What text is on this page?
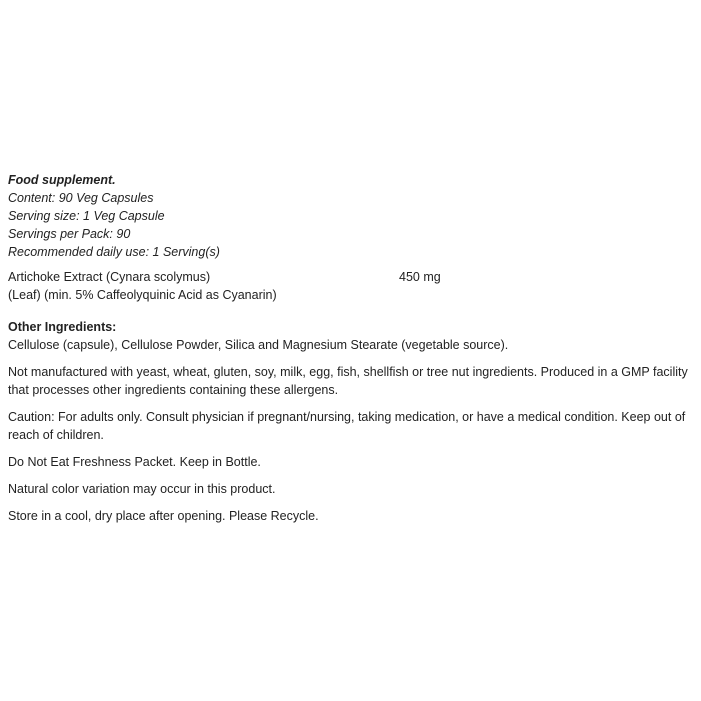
Food supplement.
Content: 90 Veg Capsules
Serving size: 1 Veg Capsule
Servings per Pack: 90
Recommended daily use: 1 Serving(s)
Artichoke Extract (Cynara scolymus)
(Leaf) (min. 5% Caffeolyquinic Acid as Cyanarin)
450 mg
Other Ingredients:
Cellulose (capsule), Cellulose Powder, Silica and Magnesium Stearate (vegetable source).

Not manufactured with yeast, wheat, gluten, soy, milk, egg, fish, shellfish or tree nut ingredients. Produced in a GMP facility that processes other ingredients containing these allergens.

Caution: For adults only. Consult physician if pregnant/nursing, taking medication, or have a medical condition. Keep out of reach of children.

Do Not Eat Freshness Packet. Keep in Bottle.

Natural color variation may occur in this product.

Store in a cool, dry place after opening. Please Recycle.
